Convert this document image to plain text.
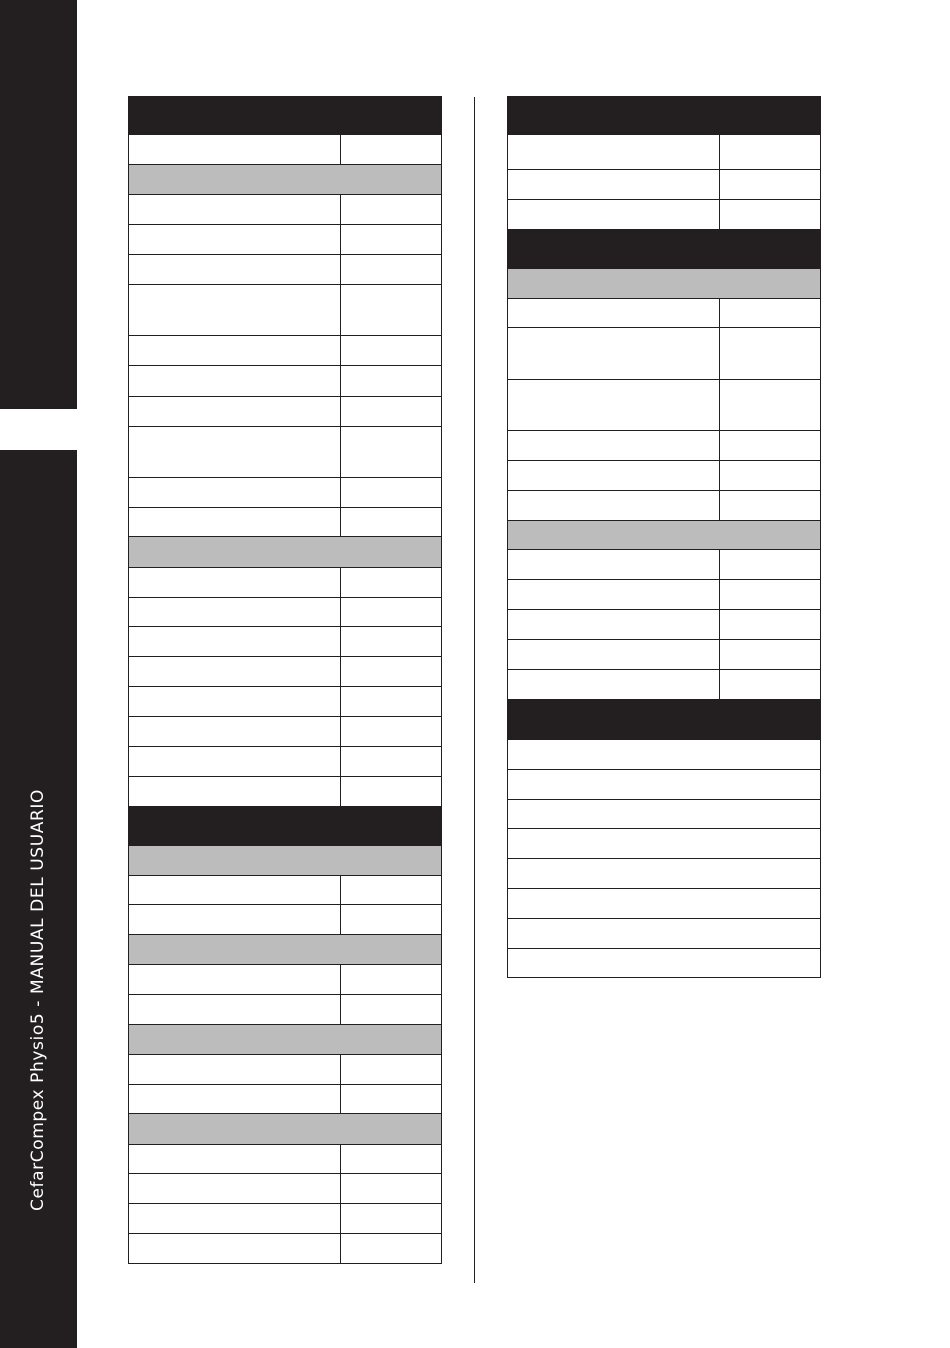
CefarCompex Physio5 - MANUAL DEL USUARIO
